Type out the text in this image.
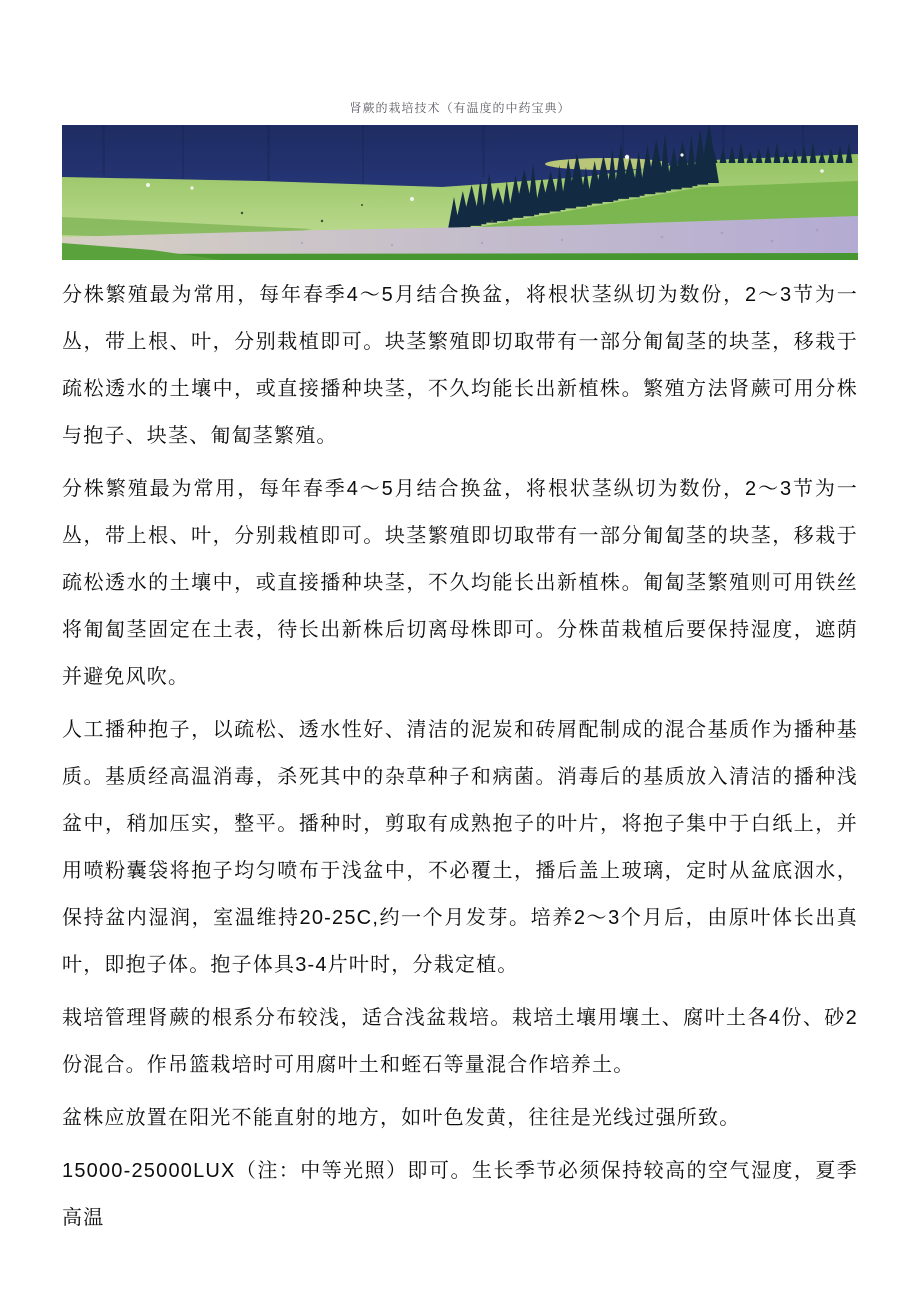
肾蕨的栽培技术（有温度的中药宝典）

分株繁殖最为常用，每年春季4～5月结合换盆，将根状茎纵切为数份，2～3节为一丛，带上根、叶，分别栽植即可。块茎繁殖即切取带有一部分匍匐茎的块茎，移栽于疏松透水的土壤中，或直接播种块茎，不久均能长出新植株。繁殖方法肾蕨可用分株与抱子、块茎、匍匐茎繁殖。

分株繁殖最为常用，每年春季4～5月结合换盆，将根状茎纵切为数份，2～3节为一丛，带上根、叶，分别栽植即可。块茎繁殖即切取带有一部分匍匐茎的块茎，移栽于疏松透水的土壤中，或直接播种块茎，不久均能长出新植株。匍匐茎繁殖则可用铁丝将匍匐茎固定在土表，待长出新株后切离母株即可。分株苗栽植后要保持湿度，遮荫并避免风吹。

人工播种抱子，以疏松、透水性好、清洁的泥炭和砖屑配制成的混合基质作为播种基质。基质经高温消毒，杀死其中的杂草种子和病菌。消毒后的基质放入清洁的播种浅盆中，稍加压实，整平。播种时，剪取有成熟抱子的叶片，将抱子集中于白纸上，并用喷粉囊袋将抱子均匀喷布于浅盆中，不必覆土，播后盖上玻璃，定时从盆底洇水，保持盆内湿润，室温维持20-25C,约一个月发芽。培养2～3个月后，由原叶体长出真叶，即抱子体。抱子体具3-4片叶时，分栽定植。

栽培管理肾蕨的根系分布较浅，适合浅盆栽培。栽培土壤用壤土、腐叶土各4份、砂2份混合。作吊篮栽培时可用腐叶土和蛭石等量混合作培养土。

盆株应放置在阳光不能直射的地方，如叶色发黄，往往是光线过强所致。

15000-25000LUX（注：中等光照）即可。生长季节必须保持较高的空气湿度，夏季高温
